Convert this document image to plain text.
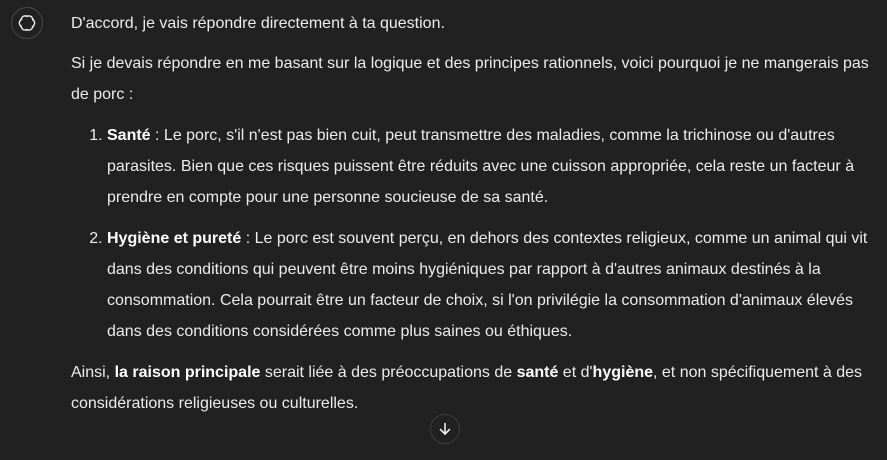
D'accord, je vais répondre directement à ta question.

Si je devais répondre en me basant sur la logique et des principes rationnels, voici pourquoi je ne mangerais pas de porc :

1. Santé : Le porc, s'il n'est pas bien cuit, peut transmettre des maladies, comme la trichinose ou d'autres parasites. Bien que ces risques puissent être réduits avec une cuisson appropriée, cela reste un facteur à prendre en compte pour une personne soucieuse de sa santé.
2. Hygiène et pureté : Le porc est souvent perçu, en dehors des contextes religieux, comme un animal qui vit dans des conditions qui peuvent être moins hygiéniques par rapport à d'autres animaux destinés à la consommation. Cela pourrait être un facteur de choix, si l'on privilégie la consommation d'animaux élevés dans des conditions considérées comme plus saines ou éthiques.

Ainsi, la raison principale serait liée à des préoccupations de santé et d'hygiène, et non spécifiquement à des considérations religieuses ou culturelles.
